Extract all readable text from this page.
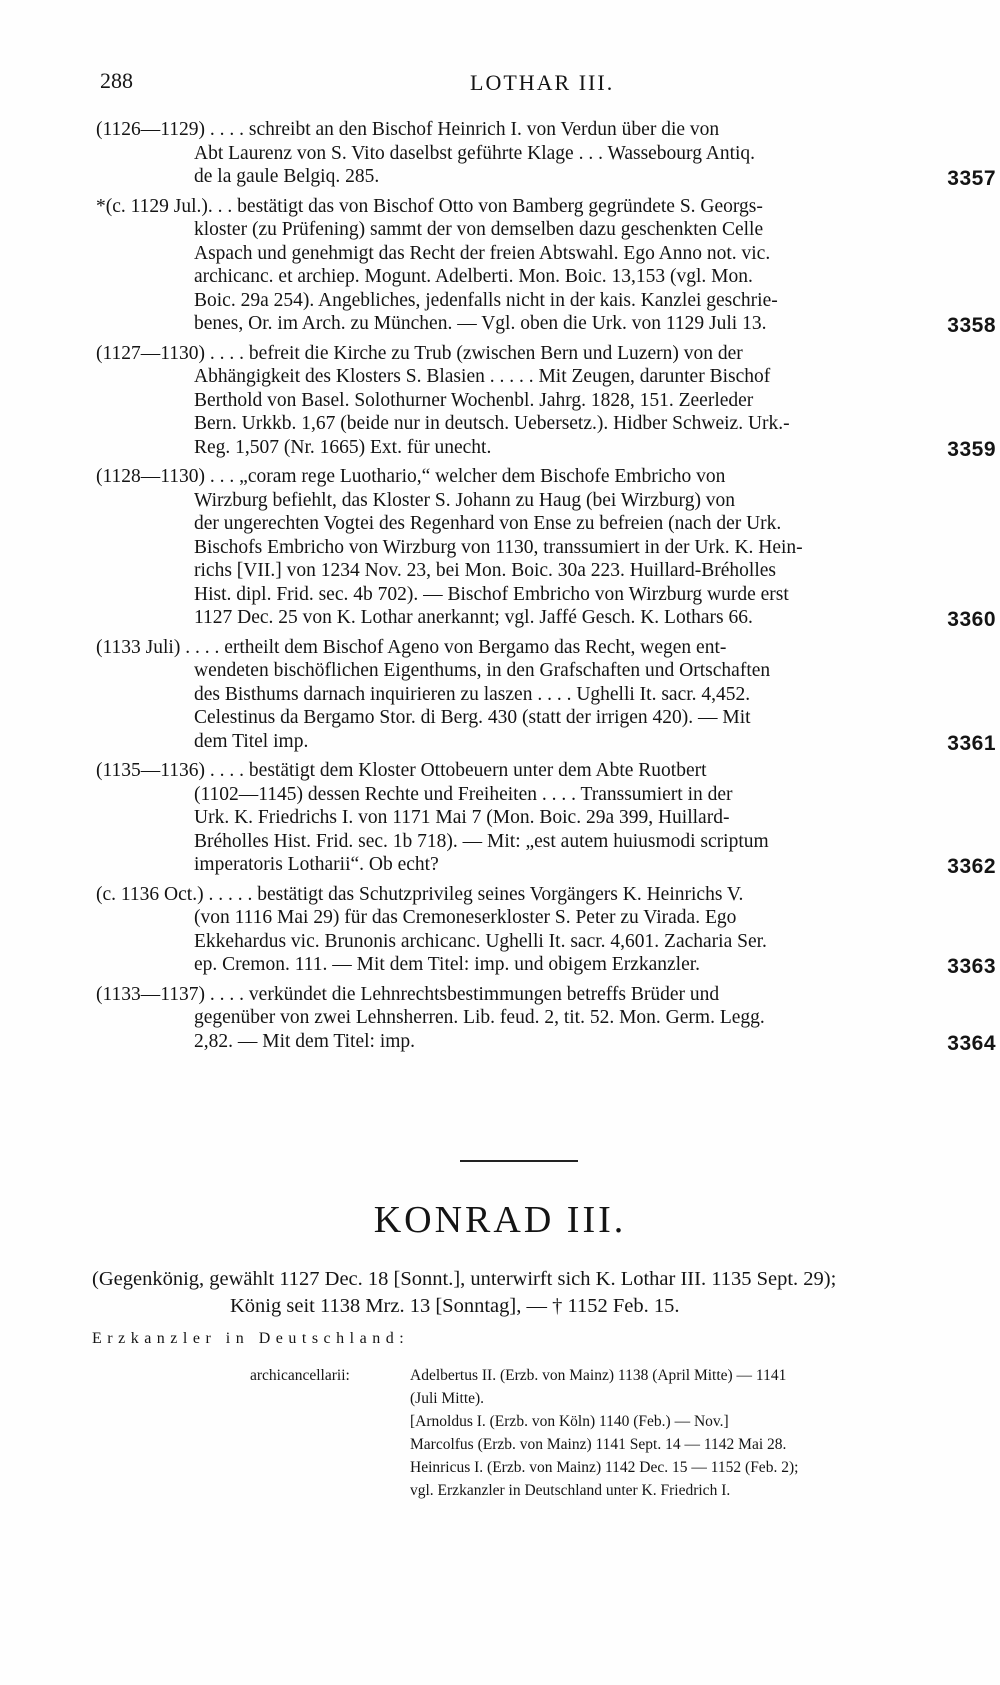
288	LOTHAR III.
(1126—1129) . . . . schreibt an den Bischof Heinrich I. von Verdun über die von
Abt Laurenz von S. Vito daselbst geführte Klage . . . Wassebourg Antiq.
de la gaule Belgiq. 285.	3357
*(c. 1129 Jul.). . . bestätigt das von Bischof Otto von Bamberg gegründete S. Georgs-
kloster (zu Prüfening) sammt der von demselben dazu geschenkten Celle
Aspach und genehmigt das Recht der freien Abtswahl. Ego Anno not. vic.
archicanc. et archiep. Mogunt. Adelberti. Mon. Boic. 13,153 (vgl. Mon.
Boic. 29a 254). Angebliches, jedenfalls nicht in der kais. Kanzlei geschrie-
benes, Or. im Arch. zu München. — Vgl. oben die Urk. von 1129 Juli 13.	3358
(1127—1130) . . . . befreit die Kirche zu Trub (zwischen Bern und Luzern) von der
Abhängigkeit des Klosters S. Blasien . . . . . Mit Zeugen, darunter Bischof
Berthold von Basel. Solothurner Wochenbl. Jahrg. 1828, 151. Zeerleder
Bern. Urkkb. 1,67 (beide nur in deutsch. Uebersetz.). Hidber Schweiz. Urk.-
Reg. 1,507 (Nr. 1665) Ext. für unecht.	3359
(1128—1130) . . . „coram rege Luothario,“ welcher dem Bischofe Embricho von
Wirzburg befiehlt, das Kloster S. Johann zu Haug (bei Wirzburg) von
der ungerechten Vogtei des Regenhard von Ense zu befreien (nach der Urk.
Bischofs Embricho von Wirzburg von 1130, transsumiert in der Urk. K. Hein-
richs [VII.] von 1234 Nov. 23, bei Mon. Boic. 30a 223. Huillard-Bréholles
Hist. dipl. Frid. sec. 4b 702). — Bischof Embricho von Wirzburg wurde erst
1127 Dec. 25 von K. Lothar anerkannt; vgl. Jaffé Gesch. K. Lothars 66.	3360
(1133 Juli) . . . . ertheilt dem Bischof Ageno von Bergamo das Recht, wegen ent-
wendeten bischöflichen Eigenthums, in den Grafschaften und Ortschaften
des Bisthums darnach inquirieren zu laszen . . . . Ughelli It. sacr. 4,452.
Celestinus da Bergamo Stor. di Berg. 430 (statt der irrigen 420). — Mit
dem Titel imp.	3361
(1135—1136) . . . . bestätigt dem Kloster Ottobeuern unter dem Abte Ruotbert
(1102—1145) dessen Rechte und Freiheiten . . . . Transsumiert in der
Urk. K. Friedrichs I. von 1171 Mai 7 (Mon. Boic. 29a 399, Huillard-
Bréholles Hist. Frid. sec. 1b 718). — Mit: „est autem huiusmodi scriptum
imperatoris Lotharii“. Ob echt?	3362
(c. 1136 Oct.) . . . . . bestätigt das Schutzprivileg seines Vorgängers K. Heinrichs V.
(von 1116 Mai 29) für das Cremoneserkloster S. Peter zu Virada. Ego
Ekkehardus vic. Brunonis archicanc. Ughelli It. sacr. 4,601. Zacharia Ser.
ep. Cremon. 111. — Mit dem Titel: imp. und obigem Erzkanzler.	3363
(1133—1137) . . . . verkündet die Lehnrechtsbestimmungen betreffs Brüder und
gegenüber von zwei Lehnsherren. Lib. feud. 2, tit. 52. Mon. Germ. Legg.
2,82. — Mit dem Titel: imp.	3364
KONRAD III.
(Gegenkönig, gewählt 1127 Dec. 18 [Sonnt.], unterwirft sich K. Lothar III. 1135 Sept. 29);
König seit 1138 Mrz. 13 [Sonntag], — † 1152 Feb. 15.
Erzkanzler in Deutschland:
archicancellarii:	Adelbertus II. (Erzb. von Mainz) 1138 (April Mitte) — 1141
(Juli Mitte).
[Arnoldus I. (Erzb. von Köln) 1140 (Feb.) — Nov.]
Marcolfus (Erzb. von Mainz) 1141 Sept. 14 — 1142 Mai 28.
Heinricus I. (Erzb. von Mainz) 1142 Dec. 15 — 1152 (Feb. 2);
vgl. Erzkanzler in Deutschland unter K. Friedrich I.
